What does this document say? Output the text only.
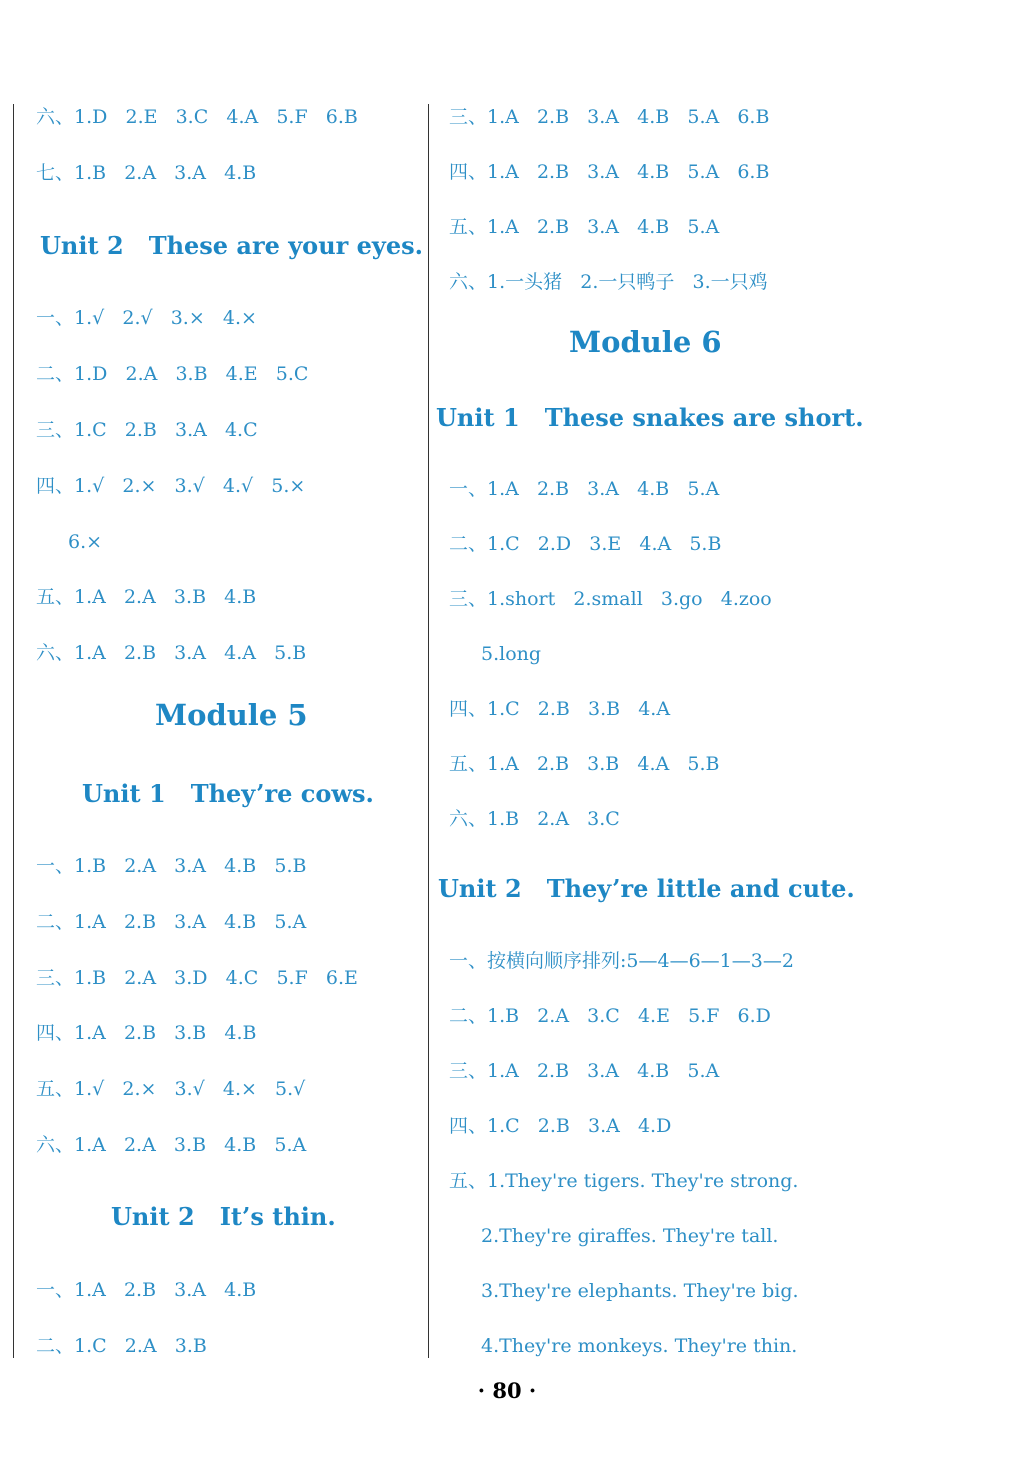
六、1.D   2.E   3.C   4.A   5.F   6.B
七、1.B   2.A   3.A   4.B
Unit 2   These are your eyes.
一、1.√   2.√   3.×   4.×
二、1.D   2.A   3.B   4.E   5.C
三、1.C   2.B   3.A   4.C
四、1.√   2.×   3.√   4.√   5.×
6.×
五、1.A   2.A   3.B   4.B
六、1.A   2.B   3.A   4.A   5.B
Module 5
Unit 1   They’re cows.
一、1.B   2.A   3.A   4.B   5.B
二、1.A   2.B   3.A   4.B   5.A
三、1.B   2.A   3.D   4.C   5.F   6.E
四、1.A   2.B   3.B   4.B
五、1.√   2.×   3.√   4.×   5.√
六、1.A   2.A   3.B   4.B   5.A
Unit 2   It’s thin.
一、1.A   2.B   3.A   4.B
二、1.C   2.A   3.B
三、1.A   2.B   3.A   4.B   5.A   6.B
四、1.A   2.B   3.A   4.B   5.A   6.B
五、1.A   2.B   3.A   4.B   5.A
六、1.一头猪   2.一只鸭子   3.一只鸡
Module 6
Unit 1   These snakes are short.
一、1.A   2.B   3.A   4.B   5.A
二、1.C   2.D   3.E   4.A   5.B
三、1.short   2.small   3.go   4.zoo
5.long
四、1.C   2.B   3.B   4.A
五、1.A   2.B   3.B   4.A   5.B
六、1.B   2.A   3.C
Unit 2   They’re little and cute.
一、按横向顺序排列:5—4—6—1—3—2
二、1.B   2.A   3.C   4.E   5.F   6.D
三、1.A   2.B   3.A   4.B   5.A
四、1.C   2.B   3.A   4.D
五、1.They're tigers. They're strong.
2.They're giraffes. They're tall.
3.They're elephants. They're big.
4.They're monkeys. They're thin.
· 80 ·
